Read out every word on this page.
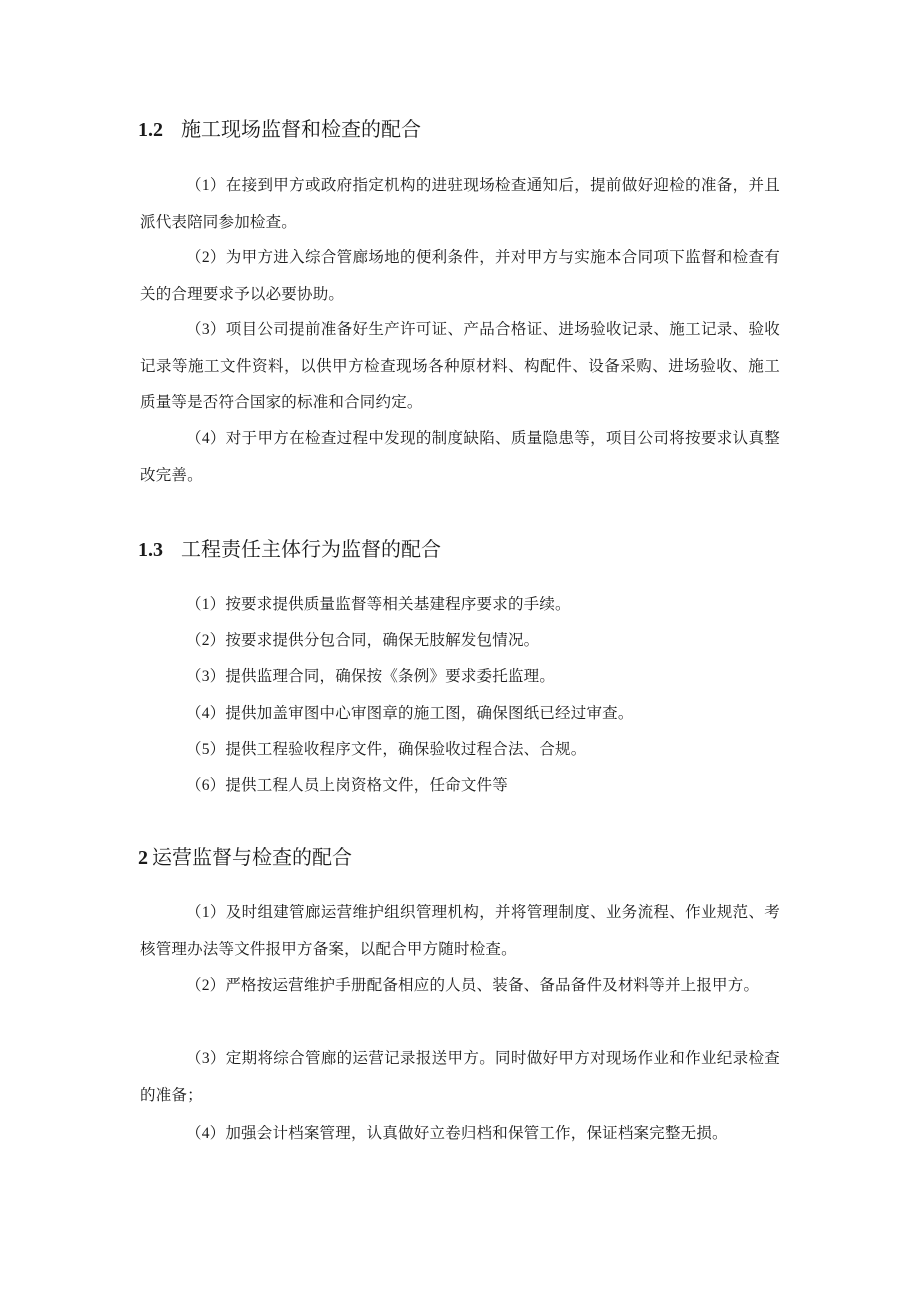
1.2 施工现场监督和检查的配合
（1）在接到甲方或政府指定机构的进驻现场检查通知后，提前做好迎检的准备，并且派代表陪同参加检查。
（2）为甲方进入综合管廊场地的便利条件，并对甲方与实施本合同项下监督和检查有关的合理要求予以必要协助。
（3）项目公司提前准备好生产许可证、产品合格证、进场验收记录、施工记录、验收记录等施工文件资料，以供甲方检查现场各种原材料、构配件、设备采购、进场验收、施工质量等是否符合国家的标准和合同约定。
（4）对于甲方在检查过程中发现的制度缺陷、质量隐患等，项目公司将按要求认真整改完善。
1.3 工程责任主体行为监督的配合
（1）按要求提供质量监督等相关基建程序要求的手续。
（2）按要求提供分包合同，确保无肢解发包情况。
（3）提供监理合同，确保按《条例》要求委托监理。
（4）提供加盖审图中心审图章的施工图，确保图纸已经过审查。
（5）提供工程验收程序文件，确保验收过程合法、合规。
（6）提供工程人员上岗资格文件，任命文件等
2 运营监督与检查的配合
（1）及时组建管廊运营维护组织管理机构，并将管理制度、业务流程、作业规范、考核管理办法等文件报甲方备案，以配合甲方随时检查。
（2）严格按运营维护手册配备相应的人员、装备、备品备件及材料等并上报甲方。
（3）定期将综合管廊的运营记录报送甲方。同时做好甲方对现场作业和作业纪录检查的准备；
（4）加强会计档案管理，认真做好立卷归档和保管工作，保证档案完整无损。
